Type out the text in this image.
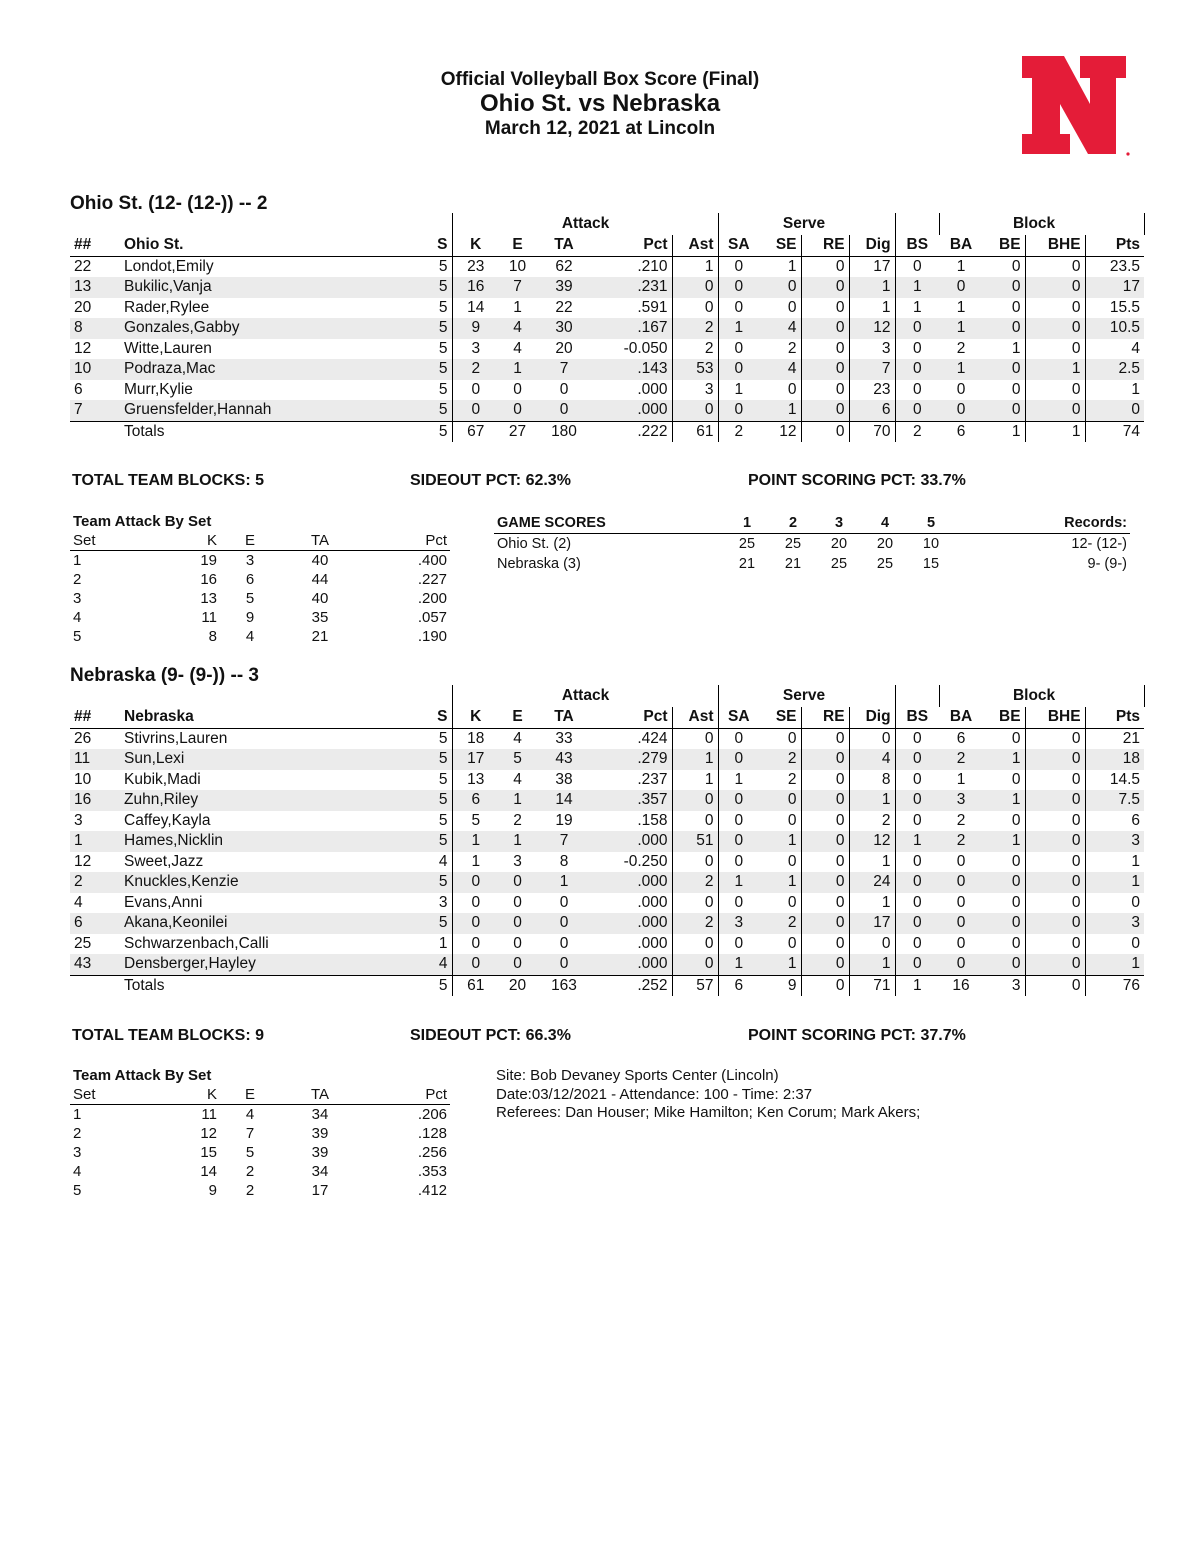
Official Volleyball Box Score (Final)
Ohio St. vs Nebraska
March 12, 2021 at Lincoln
Ohio St. (12- (12-)) -- 2
				Attack					Serve					Block			
##	Ohio St.	S	K	E	TA	Pct	Ast	SA	SE	RE	Dig	BS	BA	BE	BHE	Pts	
22	Londot,Emily	5	23	10	62	.210	1	0	1	0	17	0	1	0	0	23.5	
13	Bukilic,Vanja	5	16	7	39	.231	0	0	0	0	1	1	0	0	0	17	
20	Rader,Rylee	5	14	1	22	.591	0	0	0	0	1	1	1	0	0	15.5	
8	Gonzales,Gabby	5	9	4	30	.167	2	1	4	0	12	0	1	0	0	10.5	
12	Witte,Lauren	5	3	4	20	-0.050	2	0	2	0	3	0	2	1	0	4	
10	Podraza,Mac	5	2	1	7	.143	53	0	4	0	7	0	1	0	1	2.5	
6	Murr,Kylie	5	0	0	0	.000	3	1	0	0	23	0	0	0	0	1	
7	Gruensfelder,Hannah	5	0	0	0	.000	0	0	1	0	6	0	0	0	0	0	
	Totals	5	67	27	180	.222	61	2	12	0	70	2	6	1	1	74	
TOTAL TEAM BLOCKS: 5	SIDEOUT PCT: 62.3%	POINT SCORING PCT: 33.7%
Team Attack By Set				
Set	K	E	TA	Pct
1	19	3	40	.400
2	16	6	44	.227
3	13	5	40	.200
4	11	9	35	.057
5	8	4	21	.190
GAME SCORES	1	2	3	4	5	Records:
Ohio St. (2)	25	25	20	20	10	12- (12-)
Nebraska (3)	21	21	25	25	15	9- (9-)
Nebraska (9- (9-)) -- 3
				Attack					Serve					Block			
##	Nebraska	S	K	E	TA	Pct	Ast	SA	SE	RE	Dig	BS	BA	BE	BHE	Pts	
26	Stivrins,Lauren	5	18	4	33	.424	0	0	0	0	0	0	6	0	0	21	
11	Sun,Lexi	5	17	5	43	.279	1	0	2	0	4	0	2	1	0	18	
10	Kubik,Madi	5	13	4	38	.237	1	1	2	0	8	0	1	0	0	14.5	
16	Zuhn,Riley	5	6	1	14	.357	0	0	0	0	1	0	3	1	0	7.5	
3	Caffey,Kayla	5	5	2	19	.158	0	0	0	0	2	0	2	0	0	6	
1	Hames,Nicklin	5	1	1	7	.000	51	0	1	0	12	1	2	1	0	3	
12	Sweet,Jazz	4	1	3	8	-0.250	0	0	0	0	1	0	0	0	0	1	
2	Knuckles,Kenzie	5	0	0	1	.000	2	1	1	0	24	0	0	0	0	1	
4	Evans,Anni	3	0	0	0	.000	0	0	0	0	1	0	0	0	0	0	
6	Akana,Keonilei	5	0	0	0	.000	2	3	2	0	17	0	0	0	0	3	
25	Schwarzenbach,Calli	1	0	0	0	.000	0	0	0	0	0	0	0	0	0	0	
43	Densberger,Hayley	4	0	0	0	.000	0	1	1	0	1	0	0	0	0	1	
	Totals	5	61	20	163	.252	57	6	9	0	71	1	16	3	0	76	
TOTAL TEAM BLOCKS: 9	SIDEOUT PCT: 66.3%	POINT SCORING PCT: 37.7%
Team Attack By Set				
Set	K	E	TA	Pct
1	11	4	34	.206
2	12	7	39	.128
3	15	5	39	.256
4	14	2	34	.353
5	9	2	17	.412
Site: Bob Devaney Sports Center (Lincoln)
Date:03/12/2021 - Attendance: 100 - Time: 2:37
Referees: Dan Houser; Mike Hamilton; Ken Corum; Mark Akers;
